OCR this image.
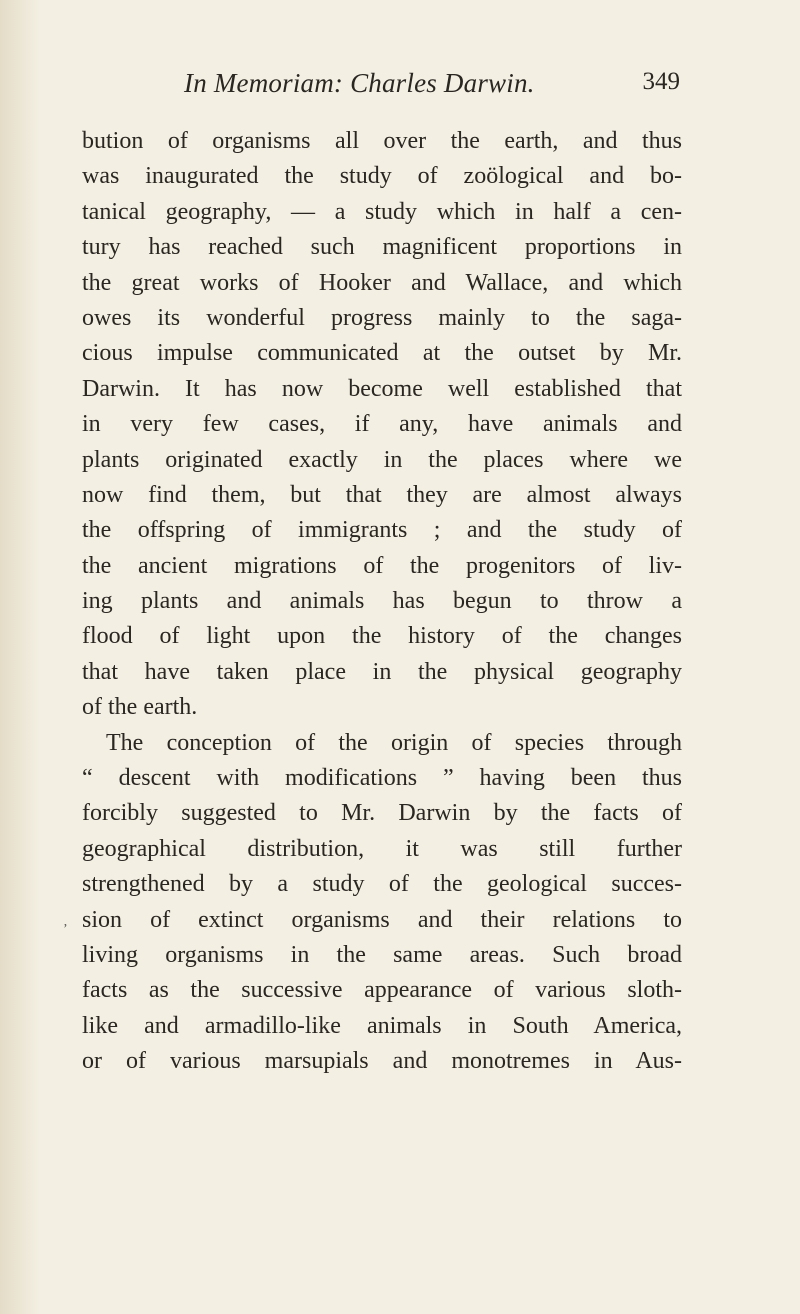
In Memoriam: Charles Darwin.	349
bution of organisms all over the earth, and thus
was inaugurated the study of zoölogical and bo-
tanical geography, — a study which in half a cen-
tury has reached such magnificent proportions in
the great works of Hooker and Wallace, and which
owes its wonderful progress mainly to the saga-
cious impulse communicated at the outset by Mr.
Darwin. It has now become well established that
in very few cases, if any, have animals and
plants originated exactly in the places where we
now find them, but that they are almost always
the offspring of immigrants ; and the study of
the ancient migrations of the progenitors of liv-
ing plants and animals has begun to throw a
flood of light upon the history of the changes
that have taken place in the physical geography
of the earth.
The conception of the origin of species through
“ descent with modifications ” having been thus
forcibly suggested to Mr. Darwin by the facts of
geographical distribution, it was still further
strengthened by a study of the geological succes-
sion of extinct organisms and their relations to
living organisms in the same areas. Such broad
facts as the successive appearance of various sloth-
like and armadillo-like animals in South America,
or of various marsupials and monotremes in Aus-
’
